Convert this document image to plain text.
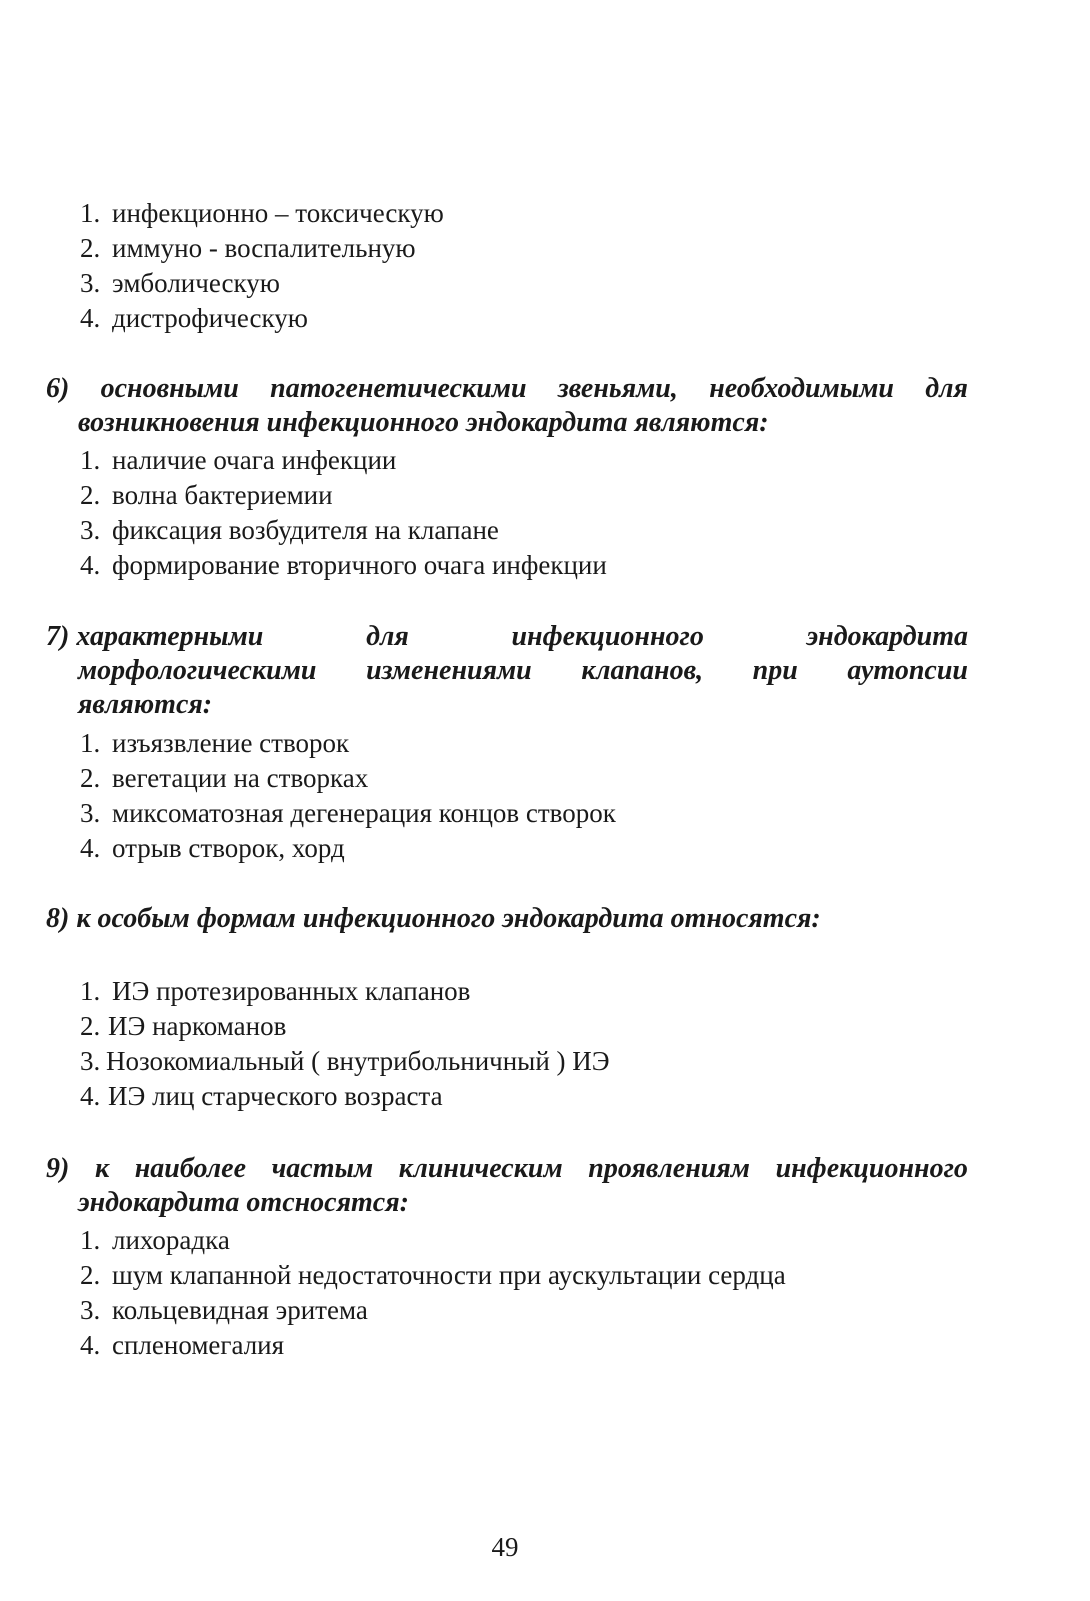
1. инфекционно – токсическую
2. иммуно - воспалительную
3. эмболическую
4. дистрофическую
6) основными патогенетическими звеньями, необходимыми для
возникновения инфекционного эндокардита являются:
1. наличие очага инфекции
2. волна бактериемии
3. фиксация возбудителя на клапане
4. формирование вторичного очага инфекции
7) характерными	для	инфекционного	эндокардита
морфологическими изменениями клапанов, при аутопсии
являются:
1. изъязвление створок
2. вегетации на створках
3. миксоматозная дегенерация концов створок
4. отрыв створок, хорд
8) к особым формам инфекционного эндокардита относятся:
1. ИЭ протезированных клапанов
2. ИЭ наркоманов
3. Нозокомиальный ( внутрибольничный ) ИЭ
4. ИЭ лиц старческого возраста
9) к наиболее частым клиническим проявлениям инфекционного
эндокардита отсносятся:
1. лихорадка
2. шум клапанной недостаточности при аускультации сердца
3. кольцевидная эритема
4. спленомегалия
49
